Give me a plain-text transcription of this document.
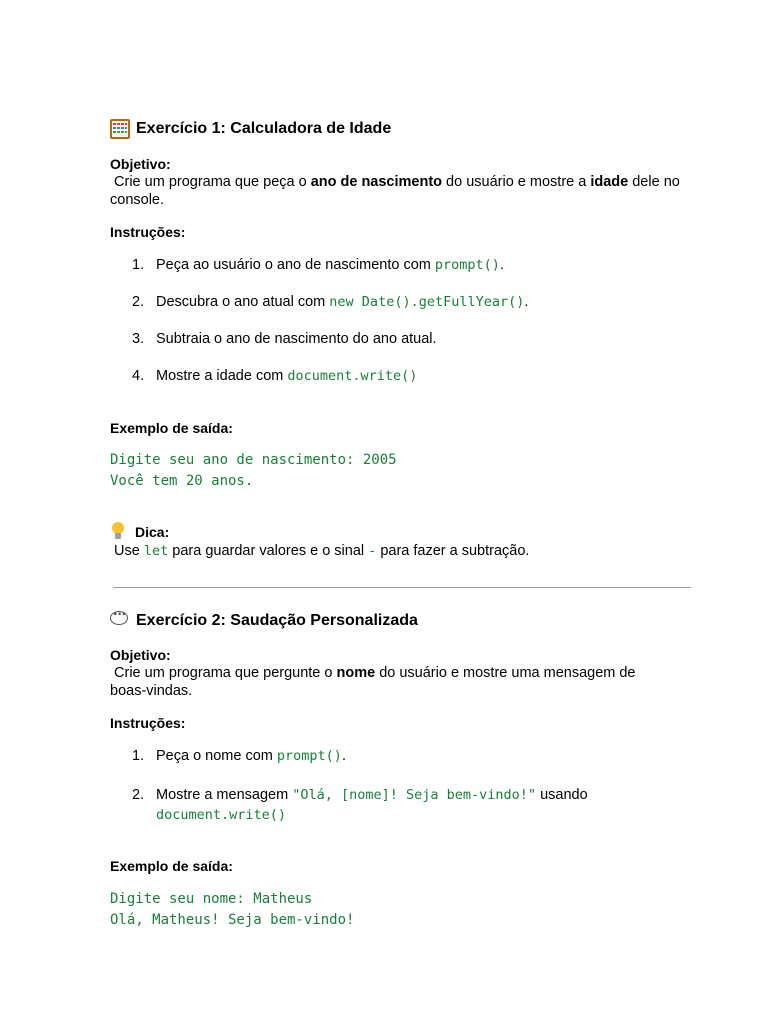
Exercício 1: Calculadora de Idade
Objetivo:
Crie um programa que peça o ano de nascimento do usuário e mostre a idade dele no console.
Instruções:
1. Peça ao usuário o ano de nascimento com prompt().
2. Descubra o ano atual com new Date().getFullYear().
3. Subtraia o ano de nascimento do ano atual.
4. Mostre a idade com document.write()
Exemplo de saída:
Digite seu ano de nascimento: 2005
Você tem 20 anos.
Dica:
Use let para guardar valores e o sinal - para fazer a subtração.
···
Exercício 2: Saudação Personalizada
Objetivo:
Crie um programa que pergunte o nome do usuário e mostre uma mensagem de boas-vindas.
Instruções:
1. Peça o nome com prompt().
2. Mostre a mensagem "Olá, [nome]! Seja bem-vindo!" usando
document.write()
Exemplo de saída:
Digite seu nome: Matheus
Olá, Matheus! Seja bem-vindo!
